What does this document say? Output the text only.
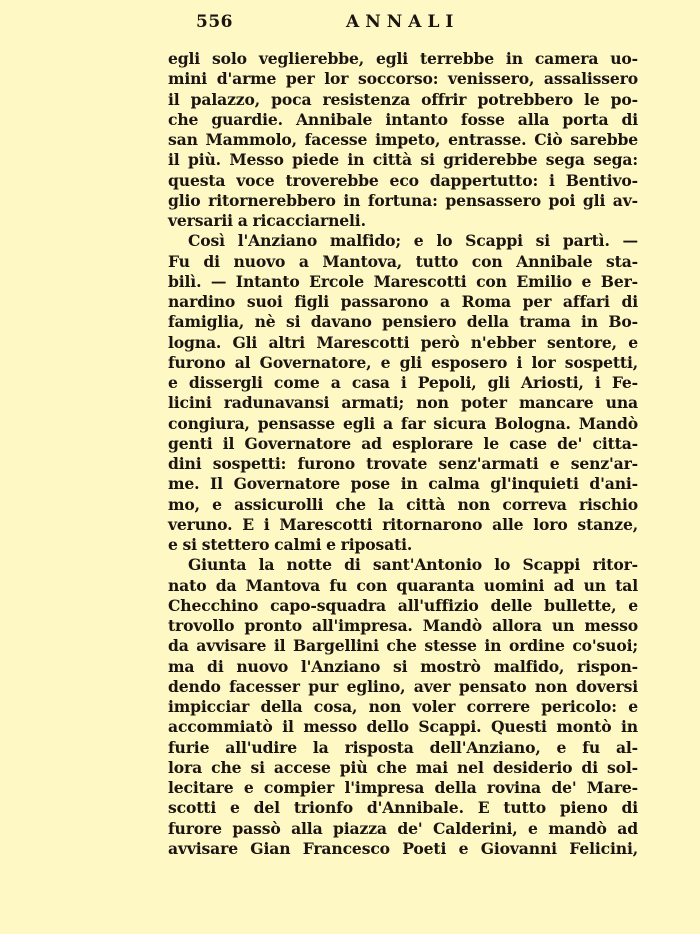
556	ANNALI
egli solo veglierebbe, egli terrebbe in camera uo-
mini d'arme per lor soccorso: venissero, assalissero
il palazzo, poca resistenza offrir potrebbero le po-
che guardie. Annibale intanto fosse alla porta di
san Mammolo, facesse impeto, entrasse. Ciò sarebbe
il più. Messo piede in città si griderebbe sega sega:
questa voce troverebbe eco dappertutto: i Bentivo-
glio ritornerebbero in fortuna: pensassero poi gli av-
versarii a ricacciarneli.
Così l'Anziano malfido; e lo Scappi si partì. —
Fu di nuovo a Mantova, tutto con Annibale sta-
bilì. — Intanto Ercole Marescotti con Emilio e Ber-
nardino suoi figli passarono a Roma per affari di
famiglia, nè si davano pensiero della trama in Bo-
logna. Gli altri Marescotti però n'ebber sentore, e
furono al Governatore, e gli esposero i lor sospetti,
e dissergli come a casa i Pepoli, gli Ariosti, i Fe-
licini radunavansi armati; non poter mancare una
congiura, pensasse egli a far sicura Bologna. Mandò
genti il Governatore ad esplorare le case de' citta-
dini sospetti: furono trovate senz'armati e senz'ar-
me. Il Governatore pose in calma gl'inquieti d'ani-
mo, e assicurolli che la città non correva rischio
veruno. E i Marescotti ritornarono alle loro stanze,
e si stettero calmi e riposati.
Giunta la notte di sant'Antonio lo Scappi ritor-
nato da Mantova fu con quaranta uomini ad un tal
Checchino capo-squadra all'uffizio delle bullette, e
trovollo pronto all'impresa. Mandò allora un messo
da avvisare il Bargellini che stesse in ordine co'suoi;
ma di nuovo l'Anziano si mostrò malfido, rispon-
dendo facesser pur eglino, aver pensato non doversi
impicciar della cosa, non voler correre pericolo: e
accommiatò il messo dello Scappi. Questi montò in
furie all'udire la risposta dell'Anziano, e fu al-
lora che si accese più che mai nel desiderio di sol-
lecitare e compier l'impresa della rovina de' Mare-
scotti e del trionfo d'Annibale. E tutto pieno di
furore passò alla piazza de' Calderini, e mandò ad
avvisare Gian Francesco Poeti e Giovanni Felicini,
